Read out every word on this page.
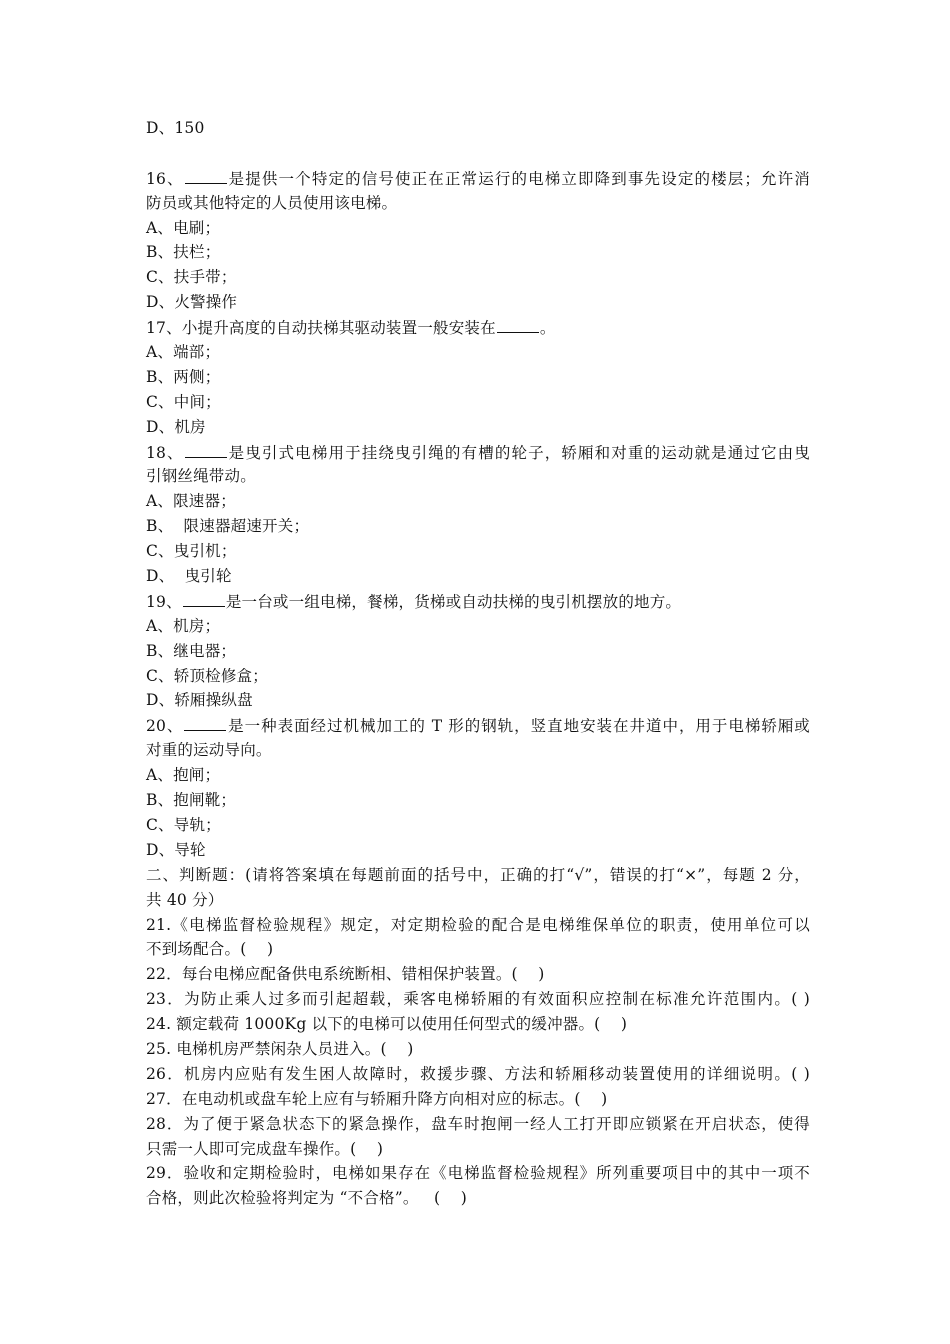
D、150
16、	是提供一个特定的信号使正在正常运行的电梯立即降到事先设定的楼层；允许消
防员或其他特定的人员使用该电梯。
A、电刷；
B、扶栏；
C、扶手带；
D、火警操作
17、小提升高度的自动扶梯其驱动装置一般安装在	。
A、端部；
B、两侧；
C、中间；
D、机房
18、	是曳引式电梯用于挂绕曳引绳的有槽的轮子，轿厢和对重的运动就是通过它由曳
引钢丝绳带动。
A、限速器；
B、  限速器超速开关；
C、曳引机；
D、  曳引轮
19、	是一台或一组电梯，餐梯，货梯或自动扶梯的曳引机摆放的地方。
A、机房；
B、继电器；
C、轿顶检修盒；
D、轿厢操纵盘
20、	是一种表面经过机械加工的 T 形的钢轨，竖直地安装在井道中，用于电梯轿厢或
对重的运动导向。
A、抱闸；
B、抱闸靴；
C、导轨；
D、导轮
二、判断题：(请将答案填在每题前面的括号中，正确的打“√”，错误的打“×”，每题 2 分，
共 40 分）
21.《电梯监督检验规程》规定，对定期检验的配合是电梯维保单位的职责，使用单位可以
不到场配合。(    )
22．每台电梯应配备供电系统断相、错相保护装置。(    )
23．为防止乘人过多而引起超载，乘客电梯轿厢的有效面积应控制在标准允许范围内。( )
24. 额定载荷 1000Kg 以下的电梯可以使用任何型式的缓冲器。(    )
25. 电梯机房严禁闲杂人员进入。(    )
26．机房内应贴有发生困人故障时，救援步骤、方法和轿厢移动装置使用的详细说明。( )
27．在电动机或盘车轮上应有与轿厢升降方向相对应的标志。(    )
28．为了便于紧急状态下的紧急操作，盘车时抱闸一经人工打开即应锁紧在开启状态，使得
只需一人即可完成盘车操作。(    )
29．验收和定期检验时，电梯如果存在《电梯监督检验规程》所列重要项目中的其中一项不
合格，则此次检验将判定为 “不合格”。   (    )
